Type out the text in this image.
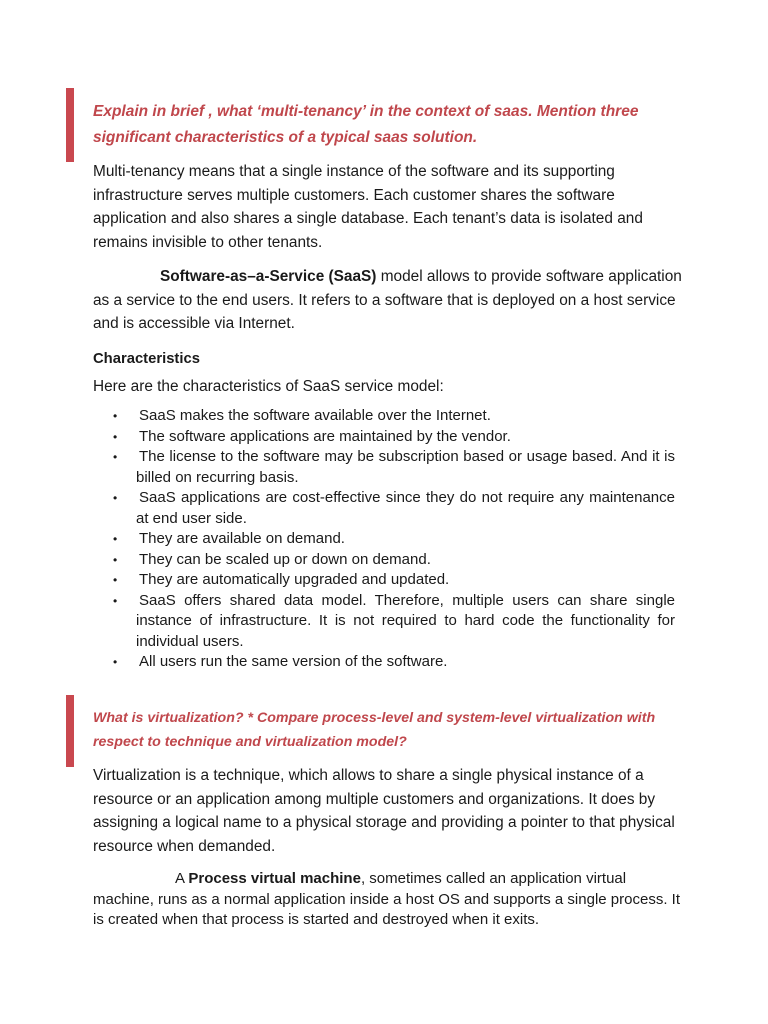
Explain in brief , what ‘multi-tenancy’ in the context of saas. Mention three significant characteristics of a typical saas solution.

Multi-tenancy means that a single instance of the software and its supporting infrastructure serves multiple customers. Each customer shares the software application and also shares a single database. Each tenant’s data is isolated and remains invisible to other tenants.

Software-as–a-Service (SaaS) model allows to provide software application as a service to the end users. It refers to a software that is deployed on a host service and is accessible via Internet.

Characteristics

Here are the characteristics of SaaS service model:

• SaaS makes the software available over the Internet.
• The software applications are maintained by the vendor.
• The license to the software may be subscription based or usage based. And it is billed on recurring basis.
• SaaS applications are cost-effective since they do not require any maintenance at end user side.
• They are available on demand.
• They can be scaled up or down on demand.
• They are automatically upgraded and updated.
• SaaS offers shared data model. Therefore, multiple users can share single instance of infrastructure. It is not required to hard code the functionality for individual users.
• All users run the same version of the software.
What is virtualization? * Compare process-level and system-level virtualization with respect to technique and virtualization model?

Virtualization is a technique, which allows to share a single physical instance of a resource or an application among multiple customers and organizations. It does by assigning a logical name to a physical storage and providing a pointer to that physical resource when demanded.

A Process virtual machine, sometimes called an application virtual machine, runs as a normal application inside a host OS and supports a single process. It is created when that process is started and destroyed when it exits.
